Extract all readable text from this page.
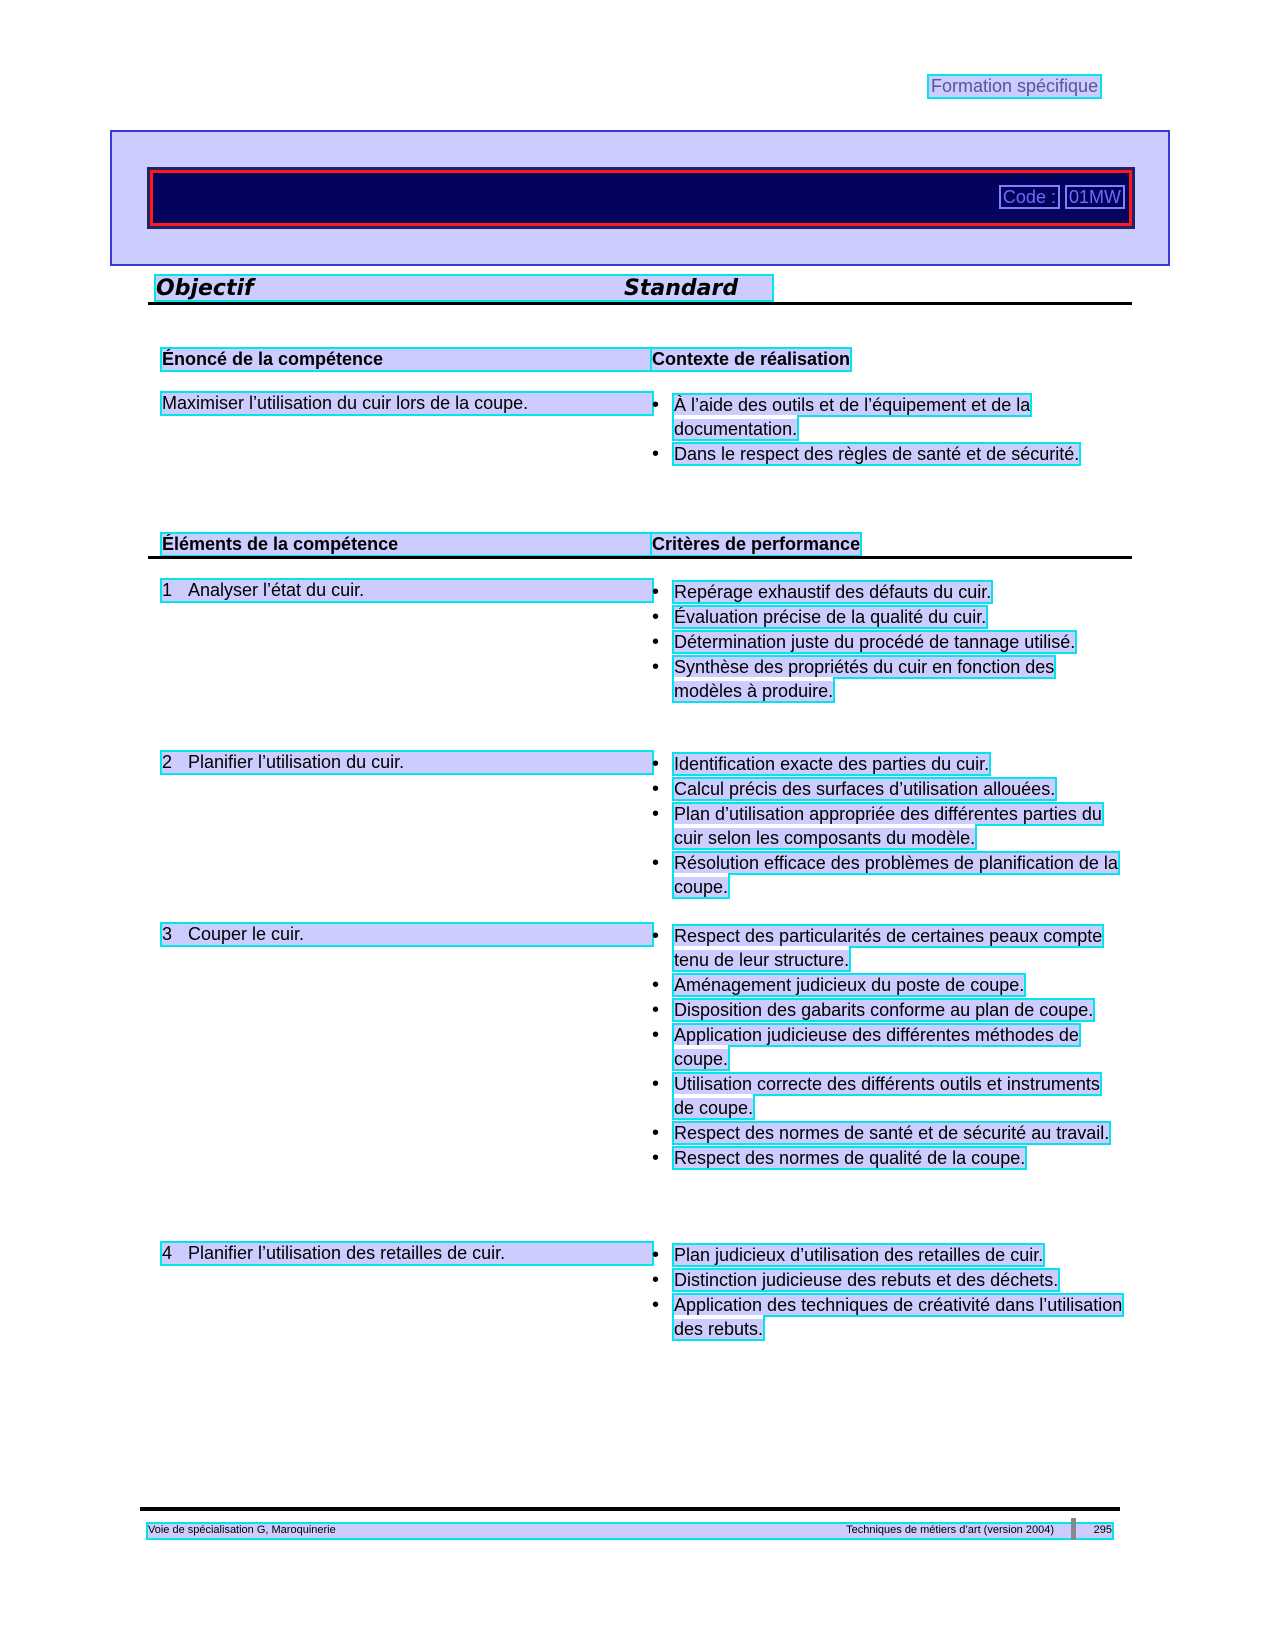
Formation spécifique
Code : 01MW
Objectif	Standard
Énoncé de la compétence	Contexte de réalisation
Maximiser l’utilisation du cuir lors de la coupe.	• À l’aide des outils et de l’équipement et de la documentation.
• Dans le respect des règles de santé et de sécurité.
Éléments de la compétence	Critères de performance
1 Analyser l’état du cuir.	• Repérage exhaustif des défauts du cuir.
• Évaluation précise de la qualité du cuir.
• Détermination juste du procédé de tannage utilisé.
• Synthèse des propriétés du cuir en fonction des modèles à produire.
2 Planifier l’utilisation du cuir.	• Identification exacte des parties du cuir.
• Calcul précis des surfaces d’utilisation allouées.
• Plan d’utilisation appropriée des différentes parties du cuir selon les composants du modèle.
• Résolution efficace des problèmes de planification de la coupe.
3 Couper le cuir.	• Respect des particularités de certaines peaux compte tenu de leur structure.
• Aménagement judicieux du poste de coupe.
• Disposition des gabarits conforme au plan de coupe.
• Application judicieuse des différentes méthodes de coupe.
• Utilisation correcte des différents outils et instruments de coupe.
• Respect des normes de santé et de sécurité au travail.
• Respect des normes de qualité de la coupe.
4 Planifier l’utilisation des retailles de cuir.	• Plan judicieux d’utilisation des retailles de cuir.
• Distinction judicieuse des rebuts et des déchets.
• Application des techniques de créativité dans l’utilisation des rebuts.
Voie de spécialisation G, Maroquinerie	Techniques de métiers d’art (version 2004)	295
